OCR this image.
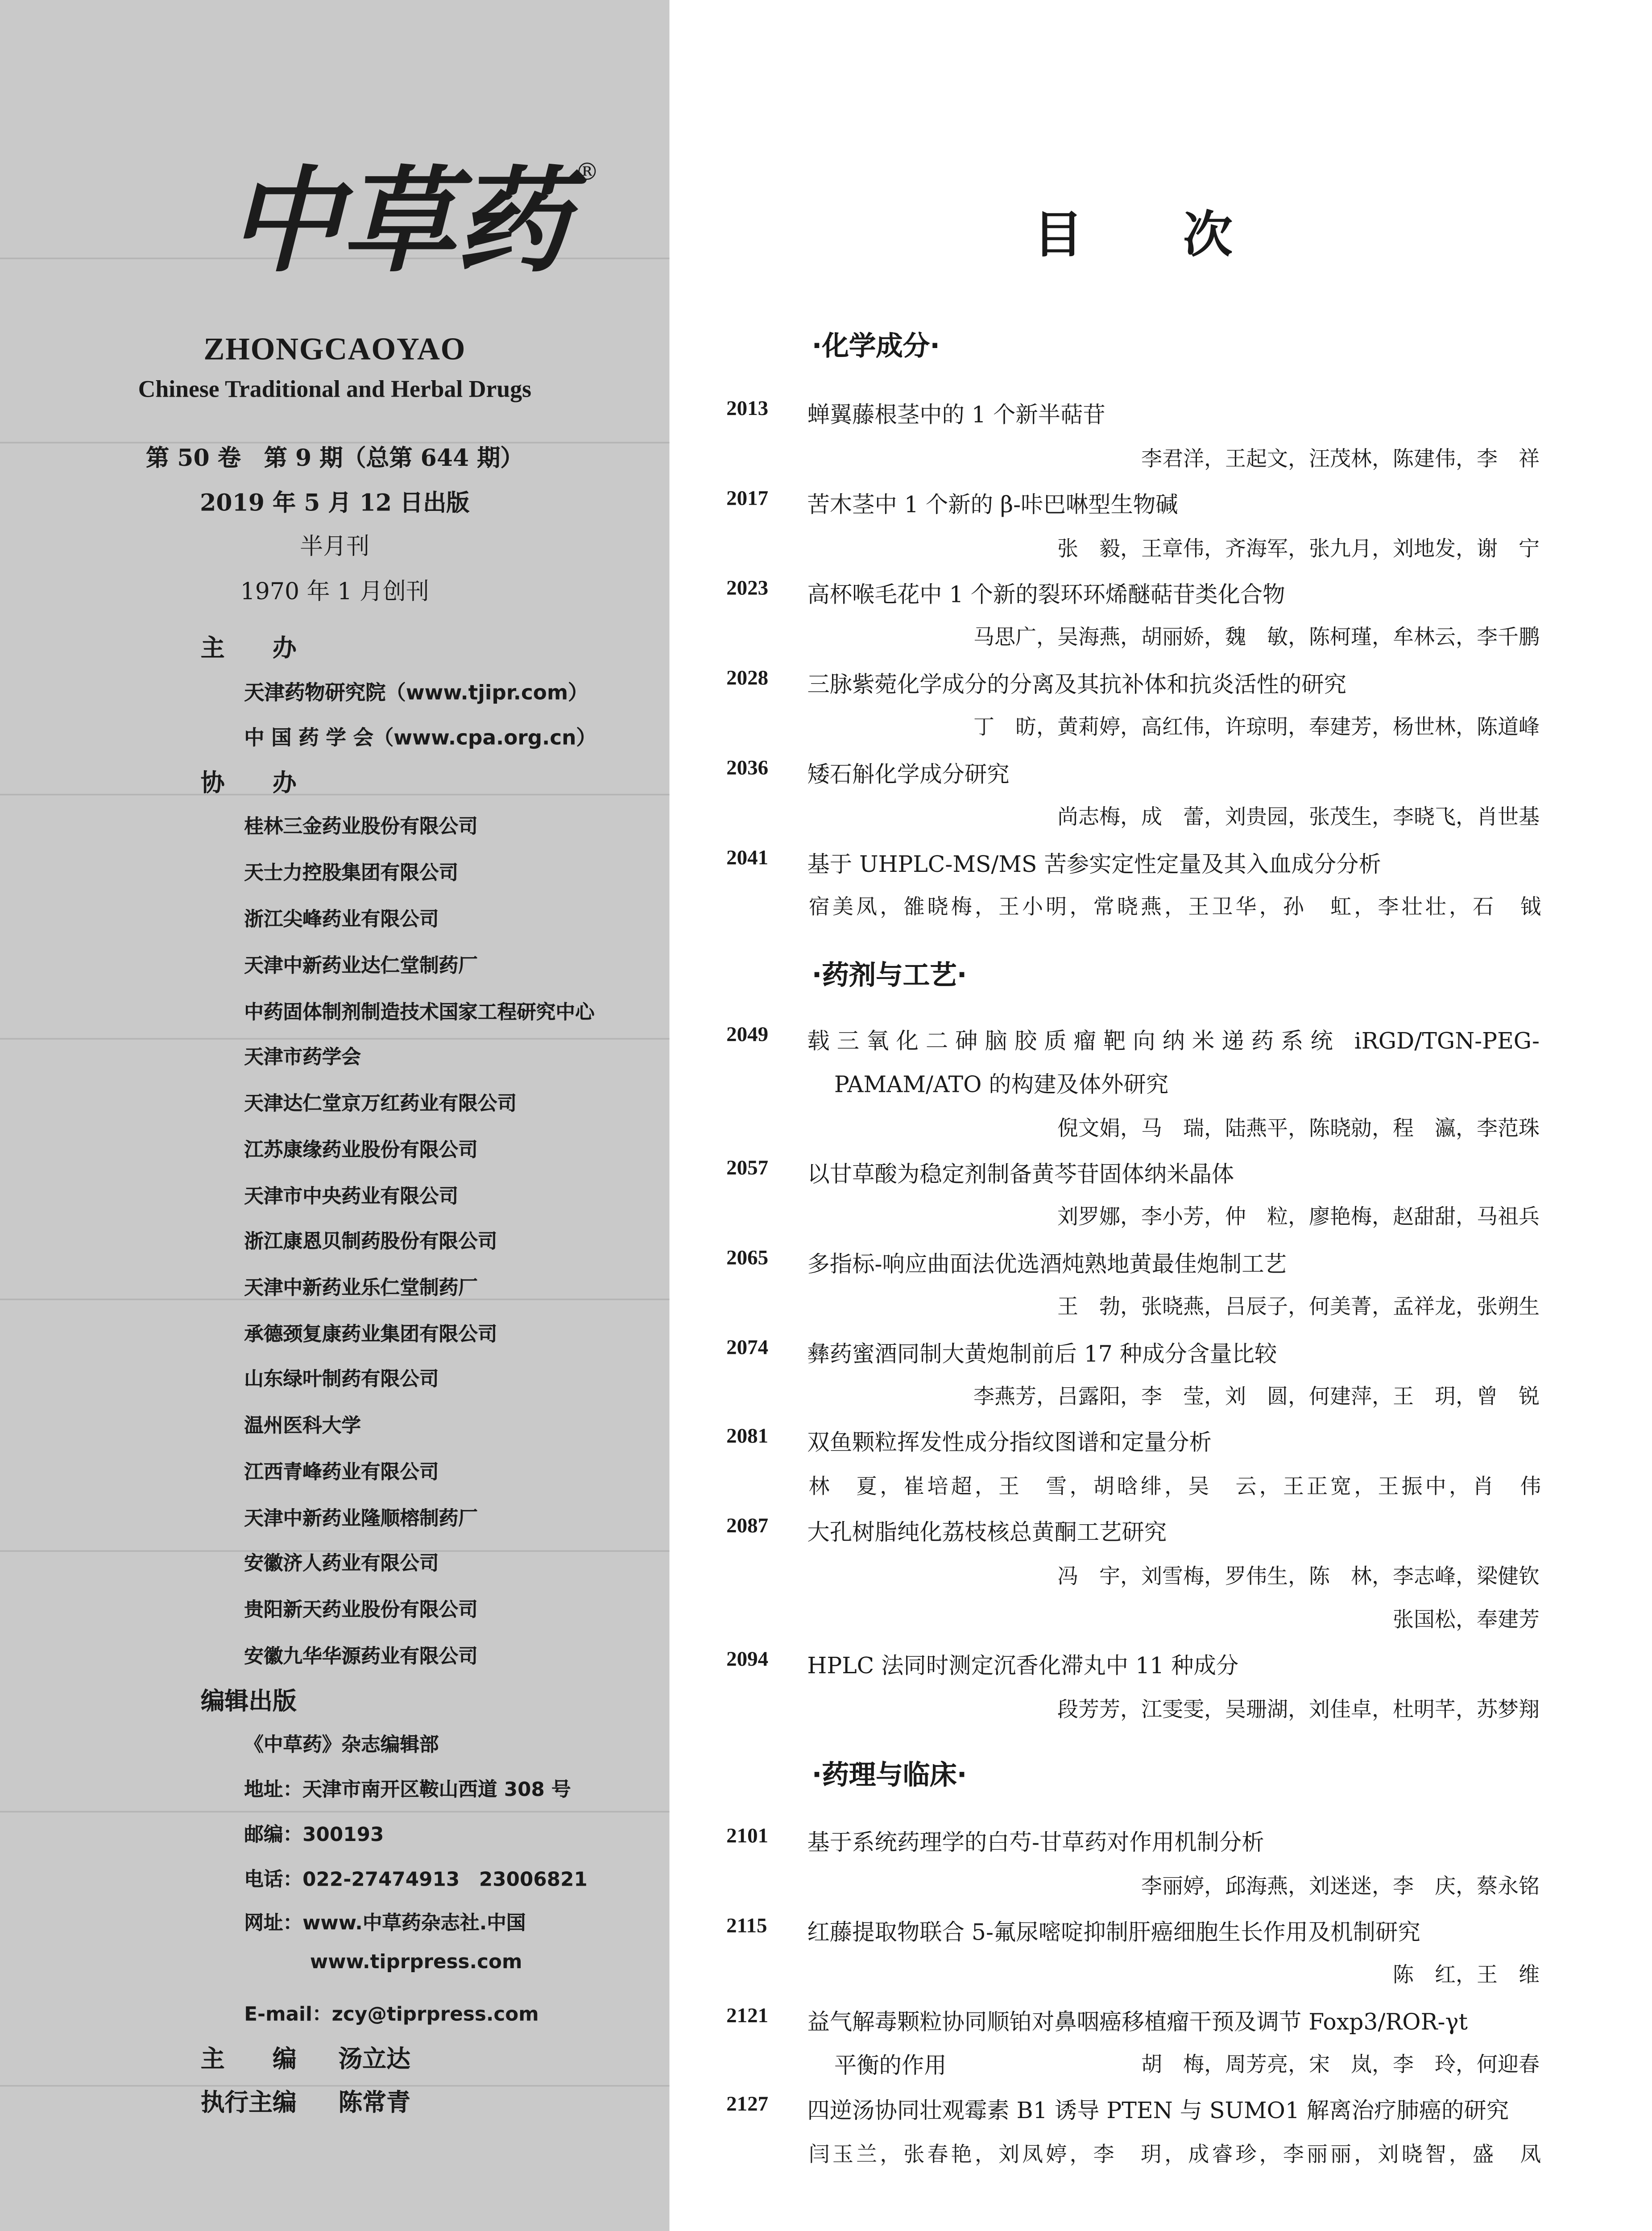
中草药 ®
ZHONGCAOYAO
Chinese Traditional and Herbal Drugs
第 50 卷　第 9 期（总第 644 期）
2019 年 5 月 12 日出版
半月刊
1970 年 1 月创刊
主　　办
天津药物研究院（www.tjipr.com）
中 国 药 学 会（www.cpa.org.cn）
协　　办
桂林三金药业股份有限公司
天士力控股集团有限公司
浙江尖峰药业有限公司
天津中新药业达仁堂制药厂
中药固体制剂制造技术国家工程研究中心
天津市药学会
天津达仁堂京万红药业有限公司
江苏康缘药业股份有限公司
天津市中央药业有限公司
浙江康恩贝制药股份有限公司
天津中新药业乐仁堂制药厂
承德颈复康药业集团有限公司
山东绿叶制药有限公司
温州医科大学
江西青峰药业有限公司
天津中新药业隆顺榕制药厂
安徽济人药业有限公司
贵阳新天药业股份有限公司
安徽九华华源药业有限公司
编辑出版
《中草药》杂志编辑部
地址：天津市南开区鞍山西道 308 号
邮编：300193
电话：022-27474913　23006821
网址：www.中草药杂志社.中国
www.tiprpress.com
E-mail：zcy@tiprpress.com
主　　编	汤立达
执行主编	陈常青
目	次
·化学成分·
2013	蝉翼藤根茎中的 1 个新半萜苷
李君洋，王起文，汪茂林，陈建伟，李　祥
2017	苦木茎中 1 个新的 β-咔巴啉型生物碱
张　毅，王章伟，齐海军，张九月，刘地发，谢　宁
2023	高杯喉毛花中 1 个新的裂环环烯醚萜苷类化合物
马思广，吴海燕，胡丽娇，魏　敏，陈柯瑾，牟林云，李千鹏
2028	三脉紫菀化学成分的分离及其抗补体和抗炎活性的研究
丁　昉，黄莉婷，高红伟，许琼明，奉建芳，杨世林，陈道峰
2036	矮石斛化学成分研究
尚志梅，成　蕾，刘贵园，张茂生，李晓飞，肖世基
2041	基于 UHPLC-MS/MS 苦参实定性定量及其入血成分分析
宿美凤，雒晓梅，王小明，常晓燕，王卫华，孙　虹，李壮壮，石　钺
·药剂与工艺·
2049	载三氧化二砷脑胶质瘤靶向纳米递药系统 iRGD/TGN-PEG-
PAMAM/ATO 的构建及体外研究
倪文娟，马　瑞，陆燕平，陈晓勍，程　瀛，李范珠
2057	以甘草酸为稳定剂制备黄芩苷固体纳米晶体
刘罗娜，李小芳，仲　粒，廖艳梅，赵甜甜，马祖兵
2065	多指标-响应曲面法优选酒炖熟地黄最佳炮制工艺
王　勃，张晓燕，吕辰子，何美菁，孟祥龙，张朔生
2074	彝药蜜酒同制大黄炮制前后 17 种成分含量比较
李燕芳，吕露阳，李　莹，刘　圆，何建萍，王　玥，曾　锐
2081	双鱼颗粒挥发性成分指纹图谱和定量分析
林　夏，崔培超，王　雪，胡晗绯，吴　云，王正宽，王振中，肖　伟
2087	大孔树脂纯化荔枝核总黄酮工艺研究
冯　宇，刘雪梅，罗伟生，陈　林，李志峰，梁健钦
张国松，奉建芳
2094	HPLC 法同时测定沉香化滞丸中 11 种成分
段芳芳，江雯雯，吴珊湖，刘佳卓，杜明芊，苏梦翔
·药理与临床·
2101	基于系统药理学的白芍-甘草药对作用机制分析
李丽婷，邱海燕，刘迷迷，李　庆，蔡永铭
2115	红藤提取物联合 5-氟尿嘧啶抑制肝癌细胞生长作用及机制研究
陈　红，王　维
2121	益气解毒颗粒协同顺铂对鼻咽癌移植瘤干预及调节 Foxp3/ROR-γt
平衡的作用	胡　梅，周芳亮，宋　岚，李　玲，何迎春
2127	四逆汤协同壮观霉素 B1 诱导 PTEN 与 SUMO1 解离治疗肺癌的研究
闫玉兰，张春艳，刘凤婷，李　玥，成睿珍，李丽丽，刘晓智，盛　凤
